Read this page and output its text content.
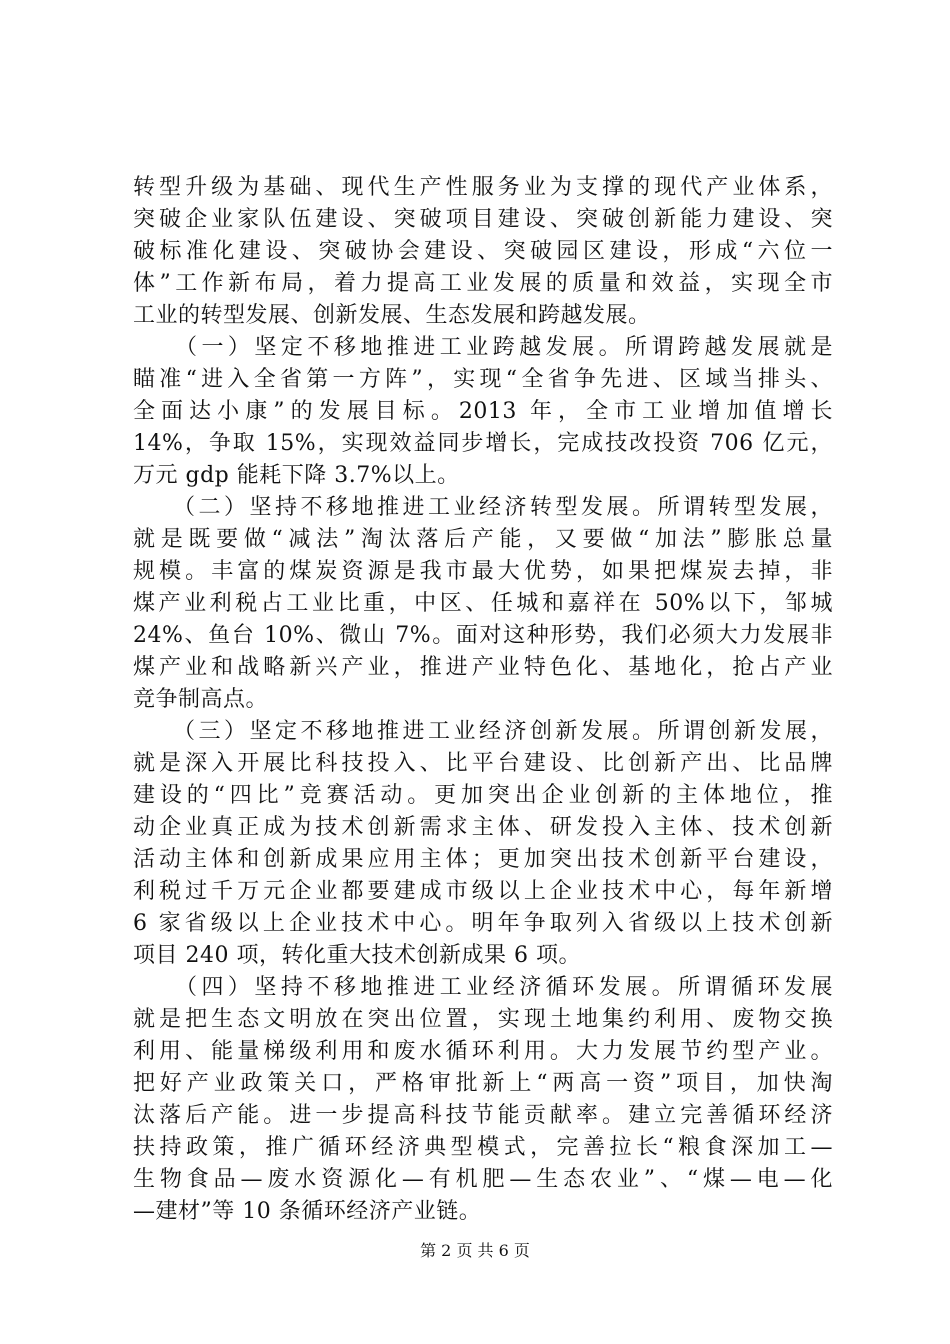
转型升级为基础、现代生产性服务业为支撑的现代产业体系，
突破企业家队伍建设、突破项目建设、突破创新能力建设、突
破标准化建设、突破协会建设、突破园区建设，形成“六位一
体”工作新布局，着力提高工业发展的质量和效益，实现全市
工业的转型发展、创新发展、生态发展和跨越发展。
　　（一）坚定不移地推进工业跨越发展。所谓跨越发展就是
瞄准“进入全省第一方阵”，实现“全省争先进、区域当排头、
全面达小康”的发展目标。2013 年，全市工业增加值增长
14%，争取 15%，实现效益同步增长，完成技改投资 706 亿元，
万元 gdp 能耗下降 3.7%以上。
　　（二）坚持不移地推进工业经济转型发展。所谓转型发展，
就是既要做“减法”淘汰落后产能，又要做“加法”膨胀总量
规模。丰富的煤炭资源是我市最大优势，如果把煤炭去掉，非
煤产业利税占工业比重，中区、任城和嘉祥在 50%以下，邹城
24%、鱼台 10%、微山 7%。面对这种形势，我们必须大力发展非
煤产业和战略新兴产业，推进产业特色化、基地化，抢占产业
竞争制高点。
　　（三）坚定不移地推进工业经济创新发展。所谓创新发展，
就是深入开展比科技投入、比平台建设、比创新产出、比品牌
建设的“四比”竞赛活动。更加突出企业创新的主体地位，推
动企业真正成为技术创新需求主体、研发投入主体、技术创新
活动主体和创新成果应用主体；更加突出技术创新平台建设，
利税过千万元企业都要建成市级以上企业技术中心，每年新增
6 家省级以上企业技术中心。明年争取列入省级以上技术创新
项目 240 项，转化重大技术创新成果 6 项。
　　（四）坚持不移地推进工业经济循环发展。所谓循环发展
就是把生态文明放在突出位置，实现土地集约利用、废物交换
利用、能量梯级利用和废水循环利用。大力发展节约型产业。
把好产业政策关口，严格审批新上“两高一资”项目，加快淘
汰落后产能。进一步提高科技节能贡献率。建立完善循环经济
扶持政策，推广循环经济典型模式，完善拉长“粮食深加工—
生物食品—废水资源化—有机肥—生态农业”、“煤—电—化
—建材”等 10 条循环经济产业链。
第 2 页 共 6 页
